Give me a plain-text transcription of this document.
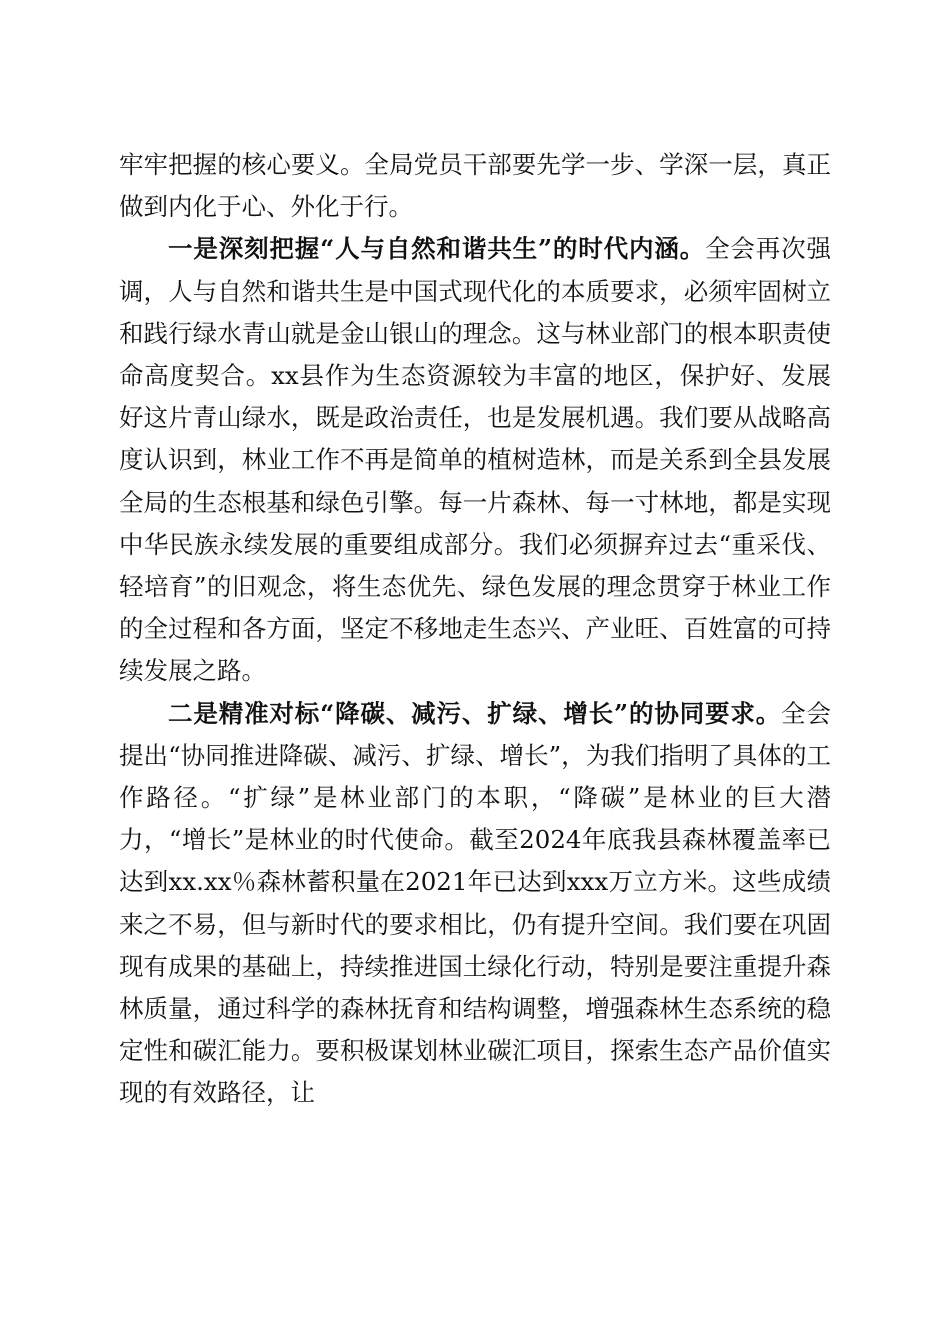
牢牢把握的核心要义。全局党员干部要先学一步、学深一层，真正做到内化于心、外化于行。

一是深刻把握“人与自然和谐共生”的时代内涵。全会再次强调，人与自然和谐共生是中国式现代化的本质要求，必须牢固树立和践行绿水青山就是金山银山的理念。这与林业部门的根本职责使命高度契合。xx县作为生态资源较为丰富的地区，保护好、发展好这片青山绿水，既是政治责任，也是发展机遇。我们要从战略高度认识到，林业工作不再是简单的植树造林，而是关系到全县发展全局的生态根基和绿色引擎。每一片森林、每一寸林地，都是实现中华民族永续发展的重要组成部分。我们必须摒弃过去“重采伐、轻培育”的旧观念，将生态优先、绿色发展的理念贯穿于林业工作的全过程和各方面，坚定不移地走生态兴、产业旺、百姓富的可持续发展之路。

二是精准对标“降碳、减污、扩绿、增长”的协同要求。全会提出“协同推进降碳、减污、扩绿、增长”，为我们指明了具体的工作路径。“扩绿”是林业部门的本职，“降碳”是林业的巨大潜力，“增长”是林业的时代使命。截至2024年底我县森林覆盖率已达到xx.xx％森林蓄积量在2021年已达到xxx万立方米。这些成绩来之不易，但与新时代的要求相比，仍有提升空间。我们要在巩固现有成果的基础上，持续推进国土绿化行动，特别是要注重提升森林质量，通过科学的森林抚育和结构调整，增强森林生态系统的稳定性和碳汇能力。要积极谋划林业碳汇项目，探索生态产品价值实现的有效路径，让
